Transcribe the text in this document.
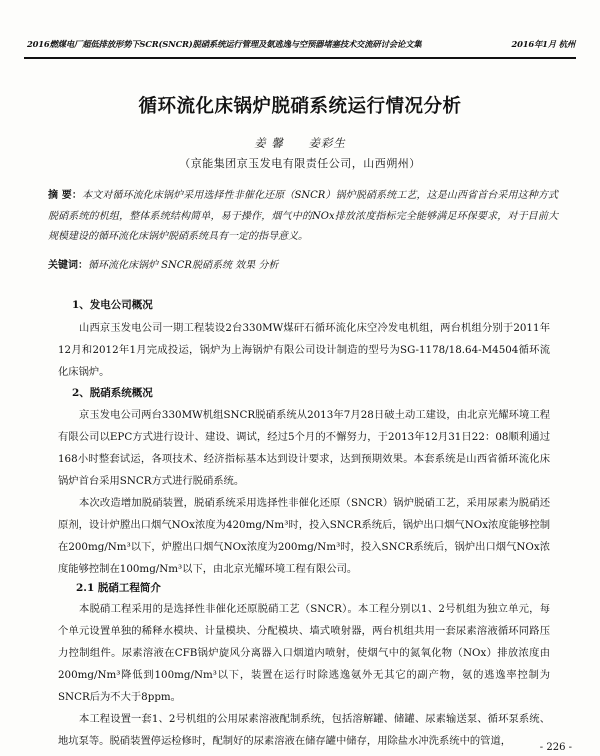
2016燃煤电厂超低排放形势下SCR(SNCR)脱硝系统运行管理及氨逃逸与空预器堵塞技术交流研讨会论文集	2016年1月 杭州
循环流化床锅炉脱硝系统运行情况分析
姜 馨 姜彩生
（京能集团京玉发电有限责任公司，山西朔州）
摘 要：本文对循环流化床锅炉采用选择性非催化还原（SNCR）锅炉脱硝系统工艺，这是山西省首台采用这种方式脱硝系统的机组，整体系统结构简单，易于操作，烟气中的NOx排放浓度指标完全能够满足环保要求，对于目前大规模建设的循环流化床锅炉脱硝系统具有一定的指导意义。
关键词：循环流化床锅炉 SNCR脱硝系统 效果 分析
1、发电公司概况
山西京玉发电公司一期工程装设2台330MW煤矸石循环流化床空冷发电机组，两台机组分别于2011年12月和2012年1月完成投运，锅炉为上海锅炉有限公司设计制造的型号为SG-1178/18.64-M4504循环流化床锅炉。
2、脱硝系统概况
京玉发电公司两台330MW机组SNCR脱硝系统从2013年7月28日破土动工建设，由北京光耀环境工程有限公司以EPC方式进行设计、建设、调试，经过5个月的不懈努力，于2013年12月31日22：08顺利通过168小时整套试运，各项技术、经济指标基本达到设计要求，达到预期效果。本套系统是山西省循环流化床锅炉首台采用SNCR方式进行脱硝系统。
本次改造增加脱硝装置，脱硝系统采用选择性非催化还原（SNCR）锅炉脱硝工艺，采用尿素为脱硝还原剂，设计炉膛出口烟气NOx浓度为420mg/Nm³时，投入SNCR系统后，锅炉出口烟气NOx浓度能够控制在200mg/Nm³以下，炉膛出口烟气NOx浓度为200mg/Nm³时，投入SNCR系统后，锅炉出口烟气NOx浓度能够控制在100mg/Nm³以下，由北京光耀环境工程有限公司。
2.1 脱硝工程简介
本脱硝工程采用的是选择性非催化还原脱硝工艺（SNCR）。本工程分别以1、2号机组为独立单元，每个单元设置单独的稀释水模块、计量模块、分配模块、墙式喷射器，两台机组共用一套尿素溶液循环同路压力控制组件。尿素溶液在CFB锅炉旋风分离器入口烟道内喷射，使烟气中的氮氧化物（NOx）排放浓度由200mg/Nm³降低到100mg/Nm³以下，装置在运行时除逃逸氨外无其它的副产物，氨的逃逸率控制为SNCR后为不大于8ppm。
本工程设置一套1、2号机组的公用尿素溶液配制系统，包括溶解罐、储罐、尿素输送泵、循环泵系统、地坑泵等。脱硝装置停运检修时，配制好的尿素溶液在储存罐中储存，用除盐水冲洗系统中的管道，
- 226 -
